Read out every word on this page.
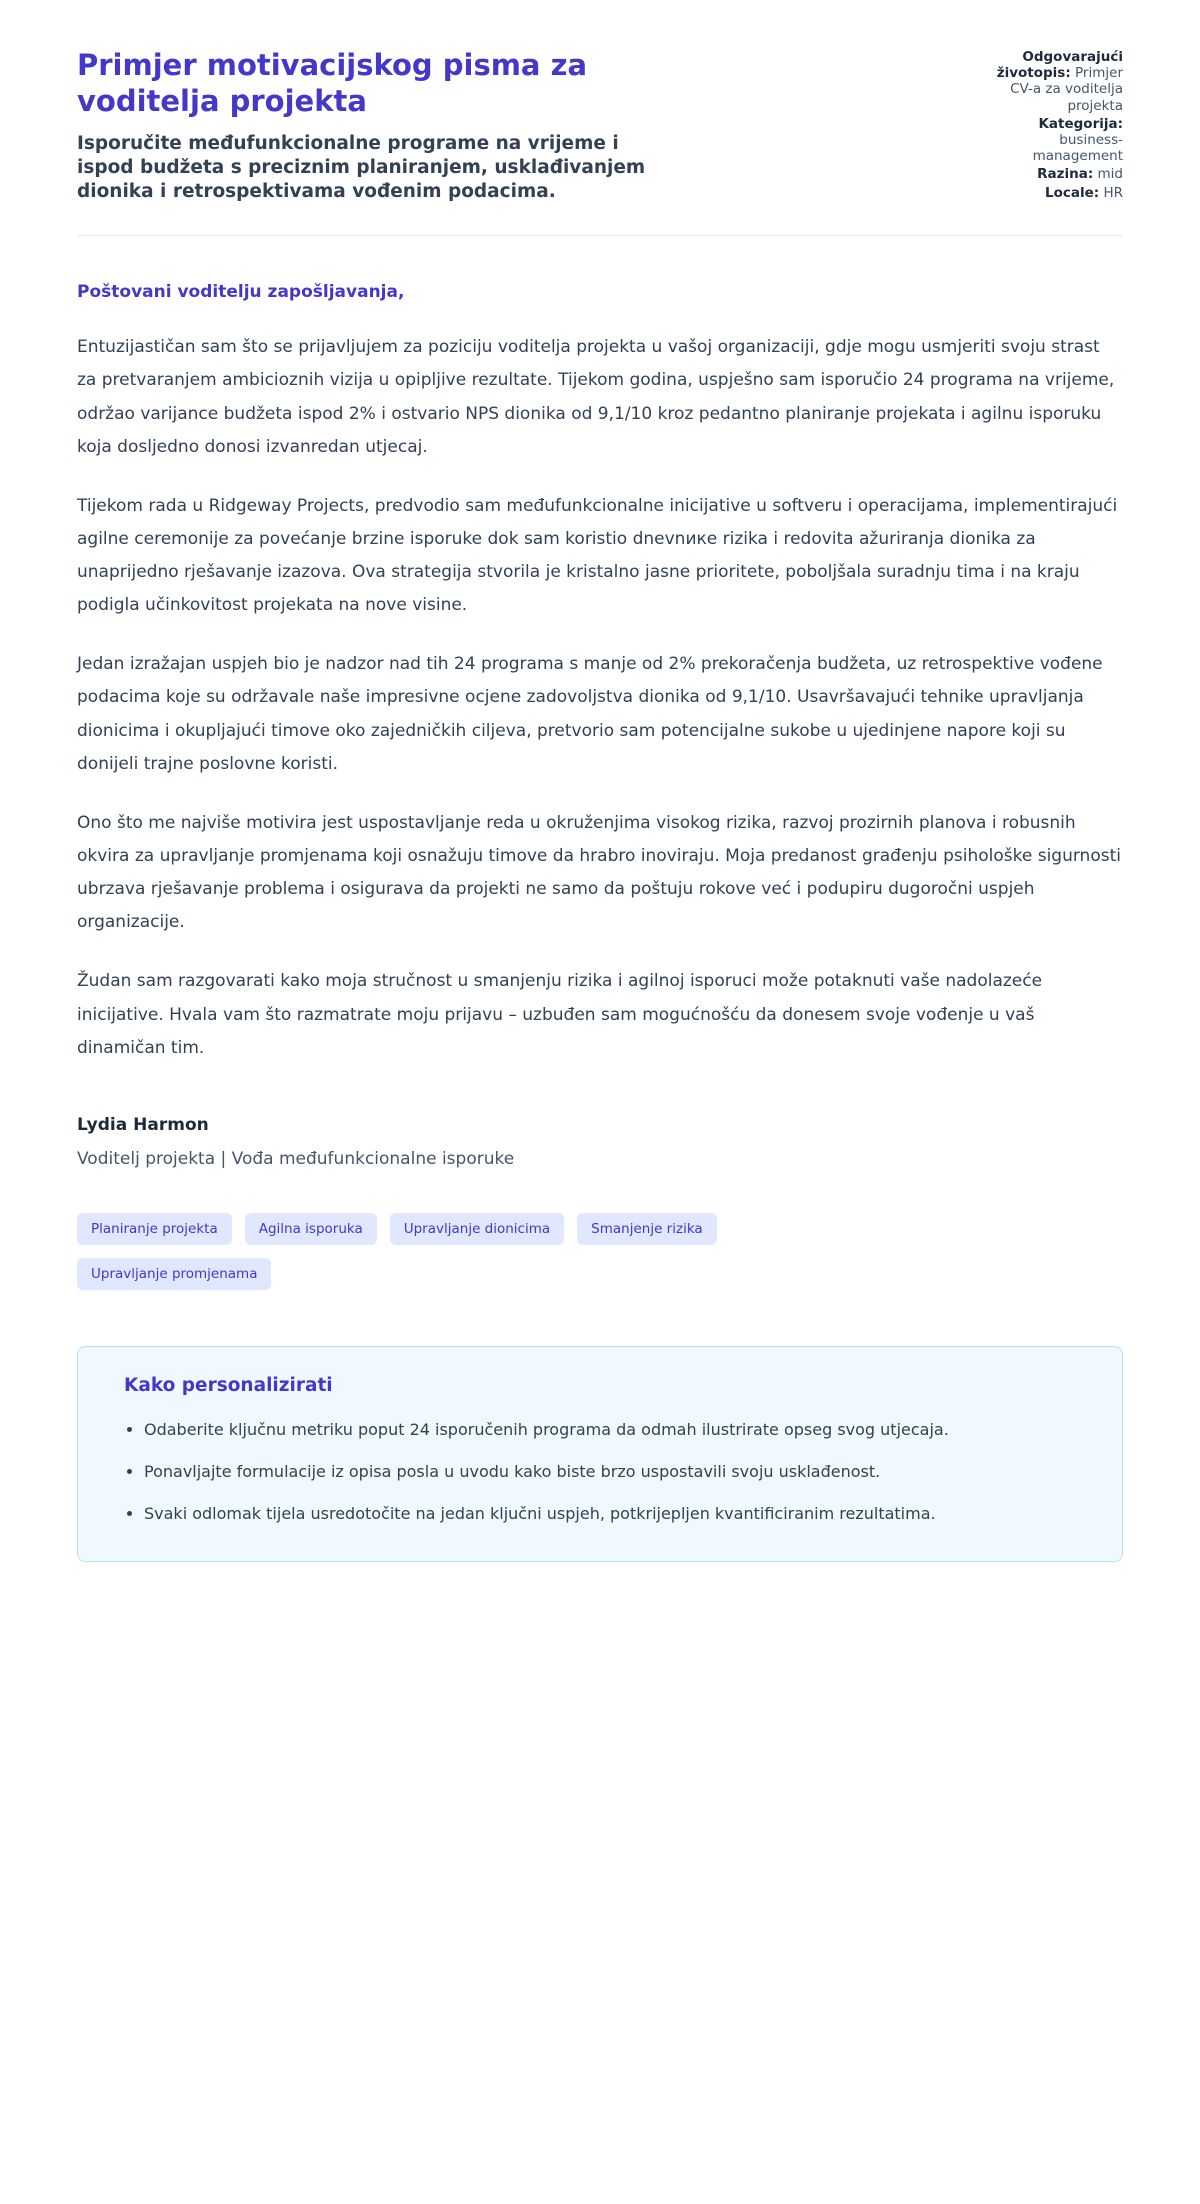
Primjer motivacijskog pisma za voditelja projekta

Isporučite međufunkcionalne programe na vrijeme i ispod budžeta s preciznim planiranjem, usklađivanjem dionika i retrospektivama vođenim podacima.

Odgovarajući životopis: Primjer CV-a za voditelja projekta
Kategorija: business-management
Razina: mid
Locale: HR

Poštovani voditelju zapošljavanja,

Entuzijastičan sam što se prijavljujem za poziciju voditelja projekta u vašoj organizaciji, gdje mogu usmjeriti svoju strast za pretvaranjem ambicioznih vizija u opipljive rezultate. Tijekom godina, uspješno sam isporučio 24 programa na vrijeme, održao varijance budžeta ispod 2% i ostvario NPS dionika od 9,1/10 kroz pedantno planiranje projekata i agilnu isporuku koja dosljedno donosi izvanredan utjecaj.

Tijekom rada u Ridgeway Projects, predvodio sam međufunkcionalne inicijative u softveru i operacijama, implementirajući agilne ceremonije za povećanje brzine isporuke dok sam koristio dnevnике rizika i redovita ažuriranja dionika za unaprijedno rješavanje izazova. Ova strategija stvorila je kristalno jasne prioritete, poboljšala suradnju tima i na kraju podigla učinkovitost projekata na nove visine.

Jedan izražajan uspjeh bio je nadzor nad tih 24 programa s manje od 2% prekoračenja budžeta, uz retrospektive vođene podacima koje su održavale naše impresivne ocjene zadovoljstva dionika od 9,1/10. Usavršavajući tehnike upravljanja dionicima i okupljajući timove oko zajedničkih ciljeva, pretvorio sam potencijalne sukobe u ujedinjene napore koji su donijeli trajne poslovne koristi.

Ono što me najviše motivira jest uspostavljanje reda u okruženjima visokog rizika, razvoj prozirnih planova i robusnih okvira za upravljanje promjenama koji osnažuju timove da hrabro inoviraju. Moja predanost građenju psihološke sigurnosti ubrzava rješavanje problema i osigurava da projekti ne samo da poštuju rokove već i podupiru dugoročni uspjeh organizacije.

Žudan sam razgovarati kako moja stručnost u smanjenju rizika i agilnoj isporuci može potaknuti vaše nadolazeće inicijative. Hvala vam što razmatrate moju prijavu – uzbuđen sam mogućnošću da donesem svoje vođenje u vaš dinamičan tim.

Lydia Harmon

Voditelj projekta | Vođa međufunkcionalne isporuke

Planiranje projekta	Agilna isporuka	Upravljanje dionicima	Smanjenje rizika
Upravljanje promjenama
Kako personalizirati
• Odaberite ključnu metriku poput 24 isporučenih programa da odmah ilustrirate opseg svog utjecaja.
• Ponavljajte formulacije iz opisa posla u uvodu kako biste brzo uspostavili svoju usklađenost.
• Svaki odlomak tijela usredotočite na jedan ključni uspjeh, potkrijepljen kvantificiranim rezultatima.
